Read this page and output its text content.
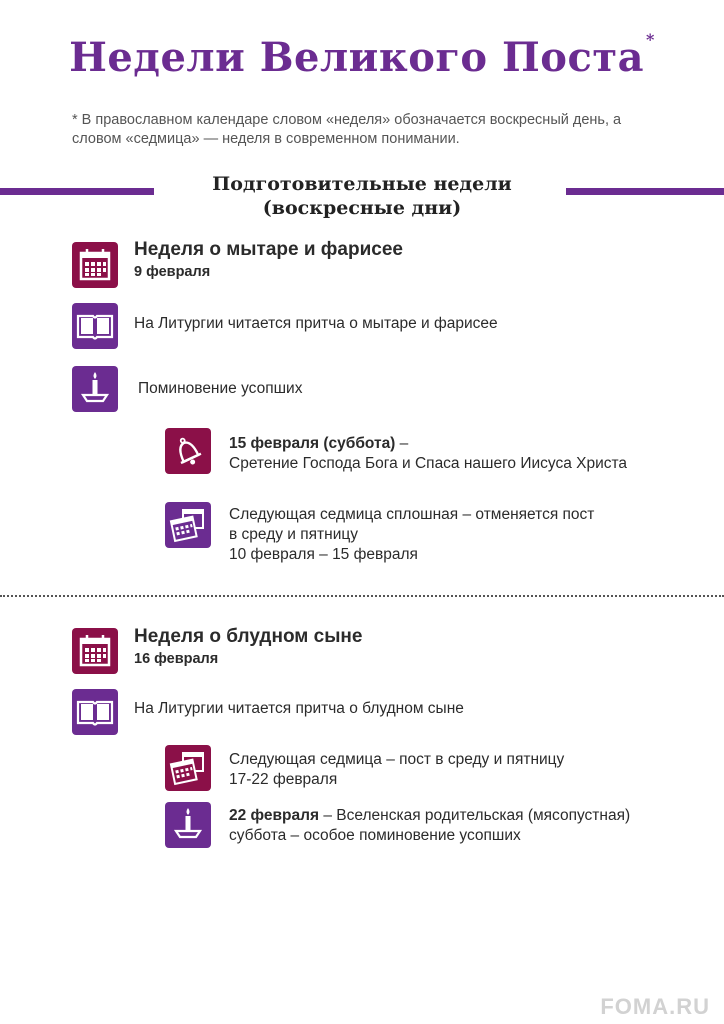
Недели Великого Поста *
* В православном календаре словом «неделя» обозначается воскресный день, а словом «седмица» — неделя в современном понимании.
Подготовительные недели
(воскресные дни)
Неделя о мытаре и фарисее
9 февраля
На Литургии читается притча о мытаре и фарисее
Поминовение усопших
15 февраля (суббота) –
Сретение Господа Бога и Спаса нашего Иисуса Христа
Следующая седмица сплошная – отменяется пост
в среду и пятницу
10 февраля – 15 февраля
Неделя о блудном сыне
16 февраля
На Литургии читается притча о блудном сыне
Следующая седмица – пост в среду и пятницу
17-22 февраля
22 февраля – Вселенская родительская (мясопустная)
суббота – особое поминовение усопших
FOMA.RU
